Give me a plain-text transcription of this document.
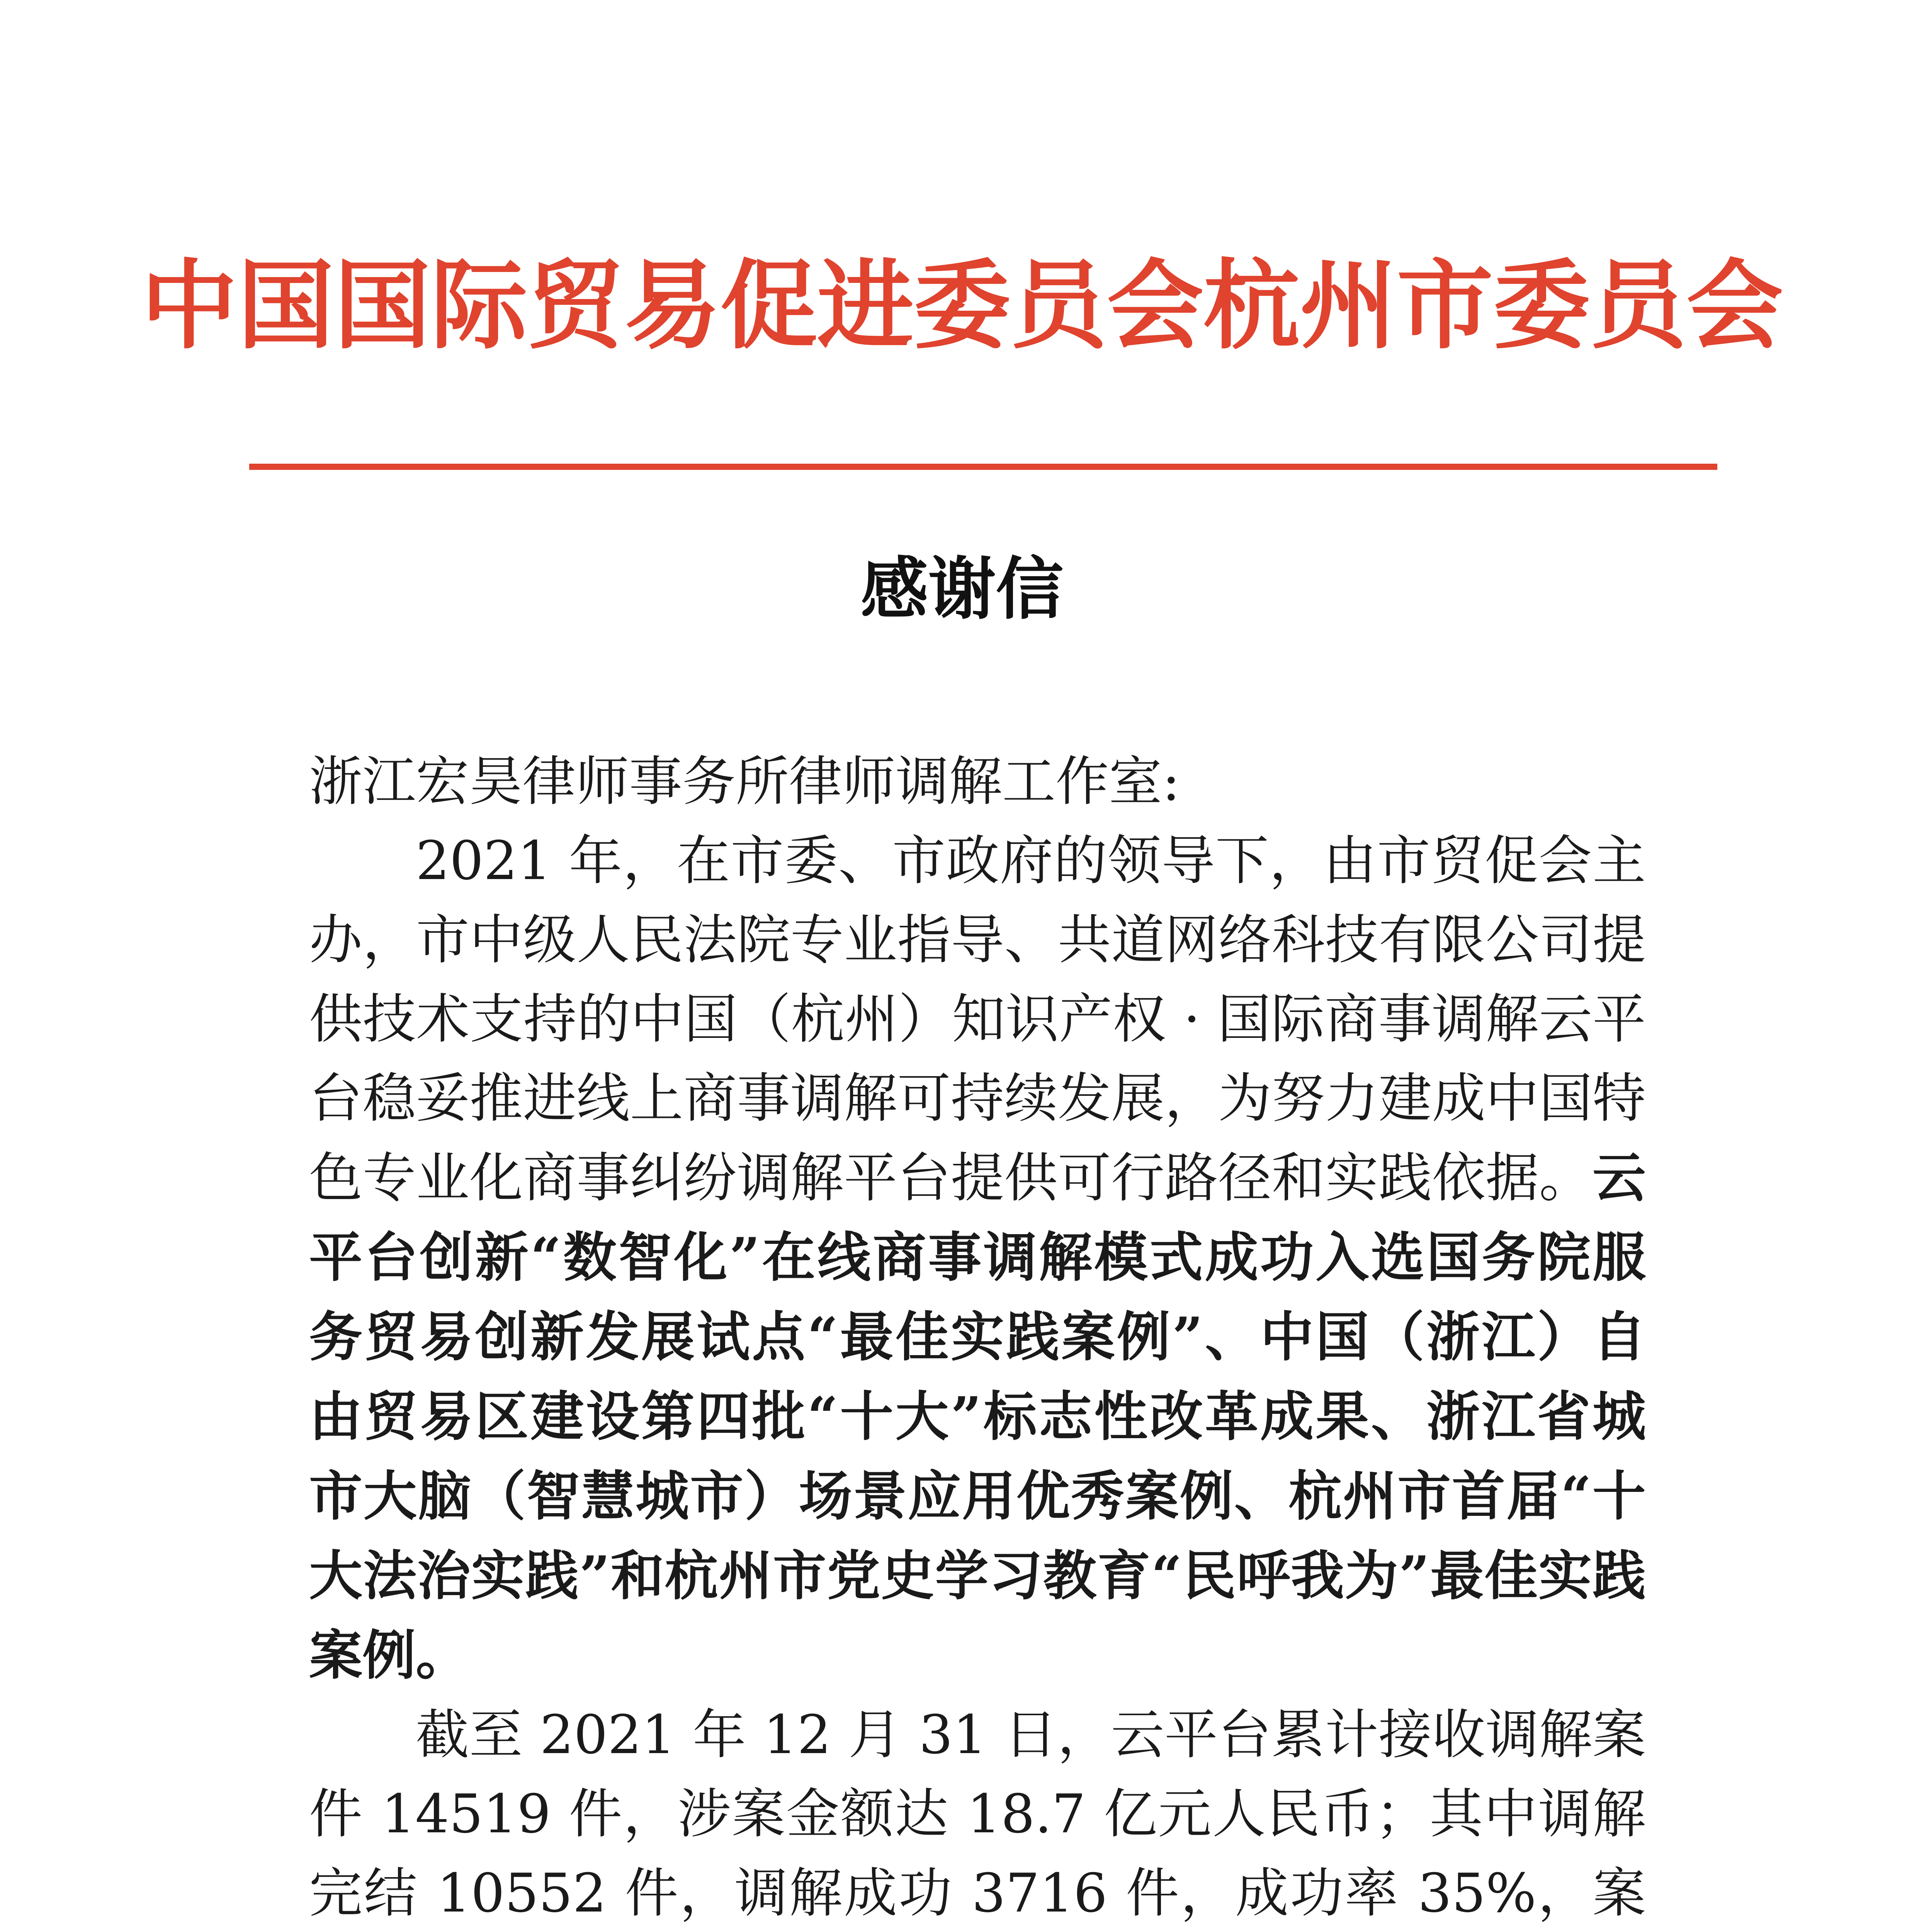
中国国际贸易促进委员会杭州市委员会
感谢信

浙江宏昊律师事务所律师调解工作室:

2021 年，在市委、市政府的领导下，由市贸促会主办，市中级人民法院专业指导、共道网络科技有限公司提供技术支持的中国（杭州）知识产权 · 国际商事调解云平台稳妥推进线上商事调解可持续发展，为努力建成中国特色专业化商事纠纷调解平台提供可行路径和实践依据。云平台创新“数智化”在线商事调解模式成功入选国务院服务贸易创新发展试点“最佳实践案例”、中国（浙江）自由贸易区建设第四批“十大”标志性改革成果、浙江省城市大脑（智慧城市）场景应用优秀案例、杭州市首届“十大法治实践”和杭州市党史学习教育“民呼我为”最佳实践案例。

截至 2021 年 12 月 31 日，云平台累计接收调解案件 14519 件，涉案金额达 18.7 亿元人民币；其中调解完结 10552 件，调解成功 3716 件，成功率 35%，案
